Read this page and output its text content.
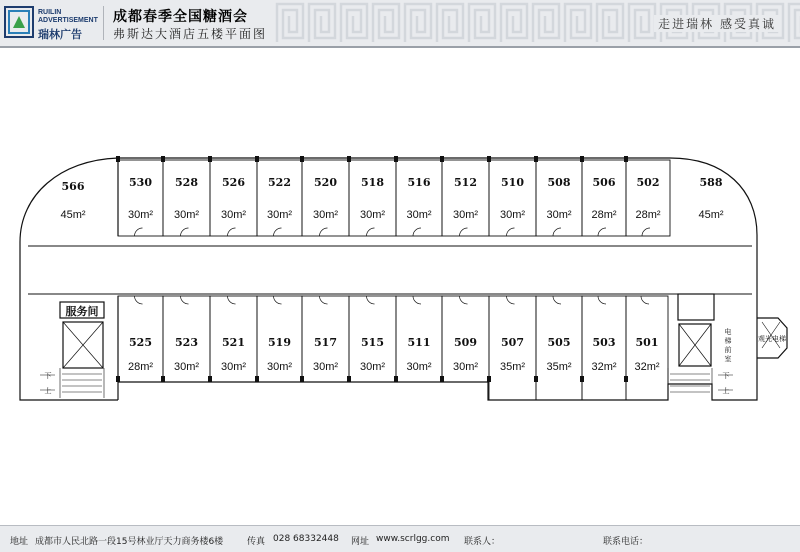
RUILIN
ADVERTISEMENT
瑞林广告
成都春季全国糖酒会
弗斯达大酒店五楼平面图
走进瑞林 感受真诚
566
45m²
530
30m²
528
30m²
526
30m²
522
30m²
520
30m²
518
30m²
516
30m²
512
30m²
510
30m²
508
30m²
506
28m²
502
28m²
588
45m²
525
28m²
523
30m²
521
30m²
519
30m²
517
30m²
515
30m²
511
30m²
509
30m²
507
35m²
505
35m²
503
32m²
501
32m²
服务间
下
上
下
上
电
梯
前
室
观光电梯
地址 成都市人民北路一段15号林业厅天力商务楼6楼	传真 028 68332448 网址 www.scrlgg.com 联系人：	联系电话：
